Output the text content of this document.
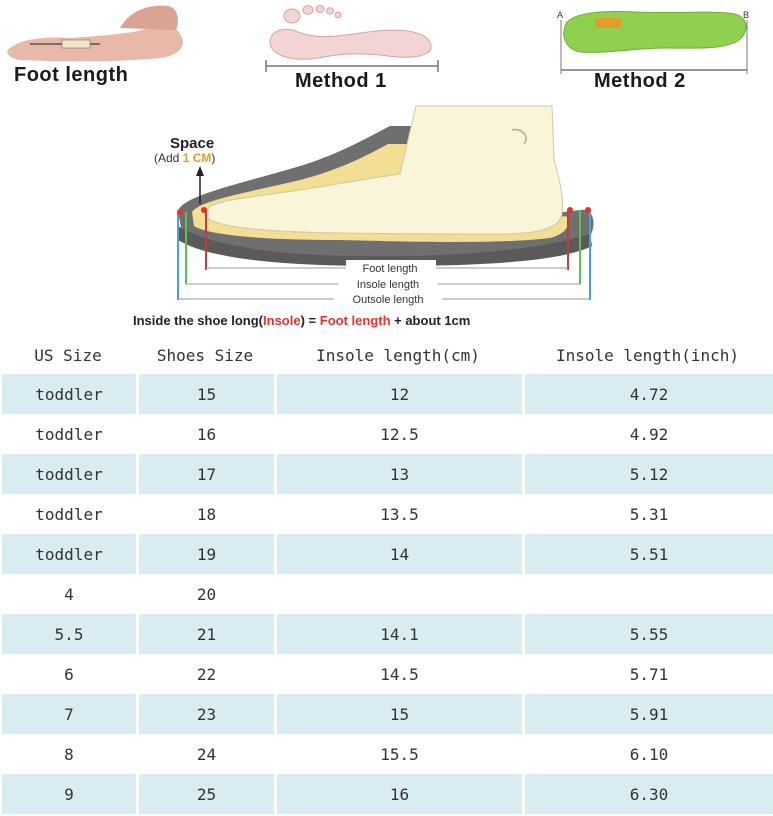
Foot length	Method 1
A	B
Method 2
Space
(Add 1 CM)
Foot length
Insole length
Outsole length
Inside the shoe long(Insole) = Foot length + about 1cm
US Size	Shoes Size	Insole length(cm)	Insole length(inch)
toddler	15	12	4.72
toddler	16	12.5	4.92
toddler	17	13	5.12
toddler	18	13.5	5.31
toddler	19	14	5.51
4	20		
5.5	21	14.1	5.55
6	22	14.5	5.71
7	23	15	5.91
8	24	15.5	6.10
9	25	16	6.30
